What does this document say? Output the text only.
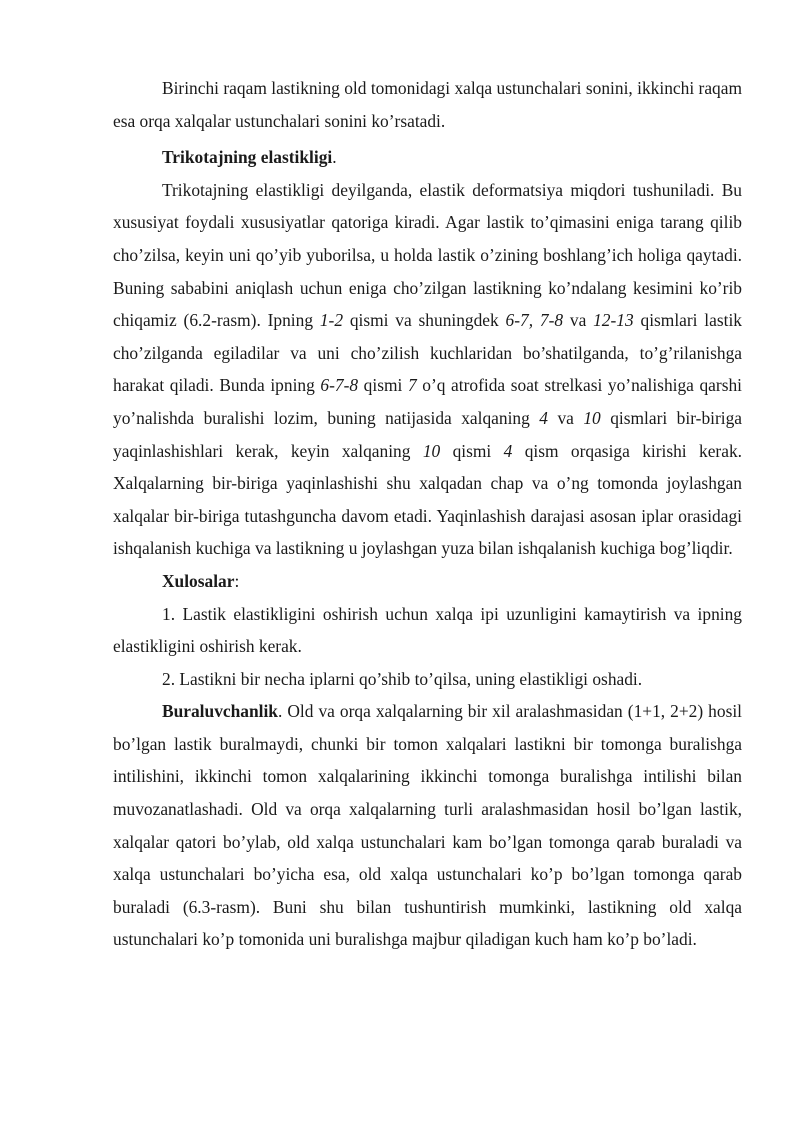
Birinchi raqam lastikning old tomonidagi xalqa ustunchalari sonini, ikkinchi raqam esa orqa xalqalar ustunchalari sonini ko’rsatadi.

Trikotajning elastikligi.

Trikotajning elastikligi deyilganda, elastik deformatsiya miqdori tushuniladi. Bu xususiyat foydali xususiyatlar qatoriga kiradi. Agar lastik to’qimasini eniga tarang qilib cho’zilsa, keyin uni qo’yib yuborilsa, u holda lastik o’zining boshlang’ich holiga qaytadi. Buning sababini aniqlash uchun eniga cho’zilgan lastikning ko’ndalang kesimini ko’rib chiqamiz (6.2-rasm). Ipning 1-2 qismi va shuningdek 6-7, 7-8 va 12-13 qismlari lastik cho’zilganda egiladilar va uni cho’zilish kuchlaridan bo’shatilganda, to’g’rilanishga harakat qiladi. Bunda ipning 6-7-8 qismi 7 o’q atrofida soat strelkasi yo’nalishiga qarshi yo’nalishda buralishi lozim, buning natijasida xalqaning 4 va 10 qismlari bir-biriga yaqinlashishlari kerak, keyin xalqaning 10 qismi 4 qism orqasiga kirishi kerak. Xalqalarning bir-biriga yaqinlashishi shu xalqadan chap va o’ng tomonda joylashgan xalqalar bir-biriga tutashguncha davom etadi. Yaqinlashish darajasi asosan iplar orasidagi ishqalanish kuchiga va lastikning u joylashgan yuza bilan ishqalanish kuchiga bog’liqdir.

Xulosalar:

1. Lastik elastikligini oshirish uchun xalqa ipi uzunligini kamaytirish va ipning elastikligini oshirish kerak.

2. Lastikni bir necha iplarni qo’shib to’qilsa, uning elastikligi oshadi.

Buraluvchanlik. Old va orqa xalqalarning bir xil aralashmasidan (1+1, 2+2) hosil bo’lgan lastik buralmaydi, chunki bir tomon xalqalari lastikni bir tomonga buralishga intilishini, ikkinchi tomon xalqalarining ikkinchi tomonga buralishga intilishi bilan muvozanatlashadi. Old va orqa xalqalarning turli aralashmasidan hosil bo’lgan lastik, xalqalar qatori bo’ylab, old xalqa ustunchalari kam bo’lgan tomonga qarab buraladi va xalqa ustunchalari bo’yicha esa, old xalqa ustunchalari ko’p bo’lgan tomonga qarab buraladi (6.3-rasm). Buni shu bilan tushuntirish mumkinki, lastikning old xalqa ustunchalari ko’p tomonida uni buralishga majbur qiladigan kuch ham ko’p bo’ladi.
